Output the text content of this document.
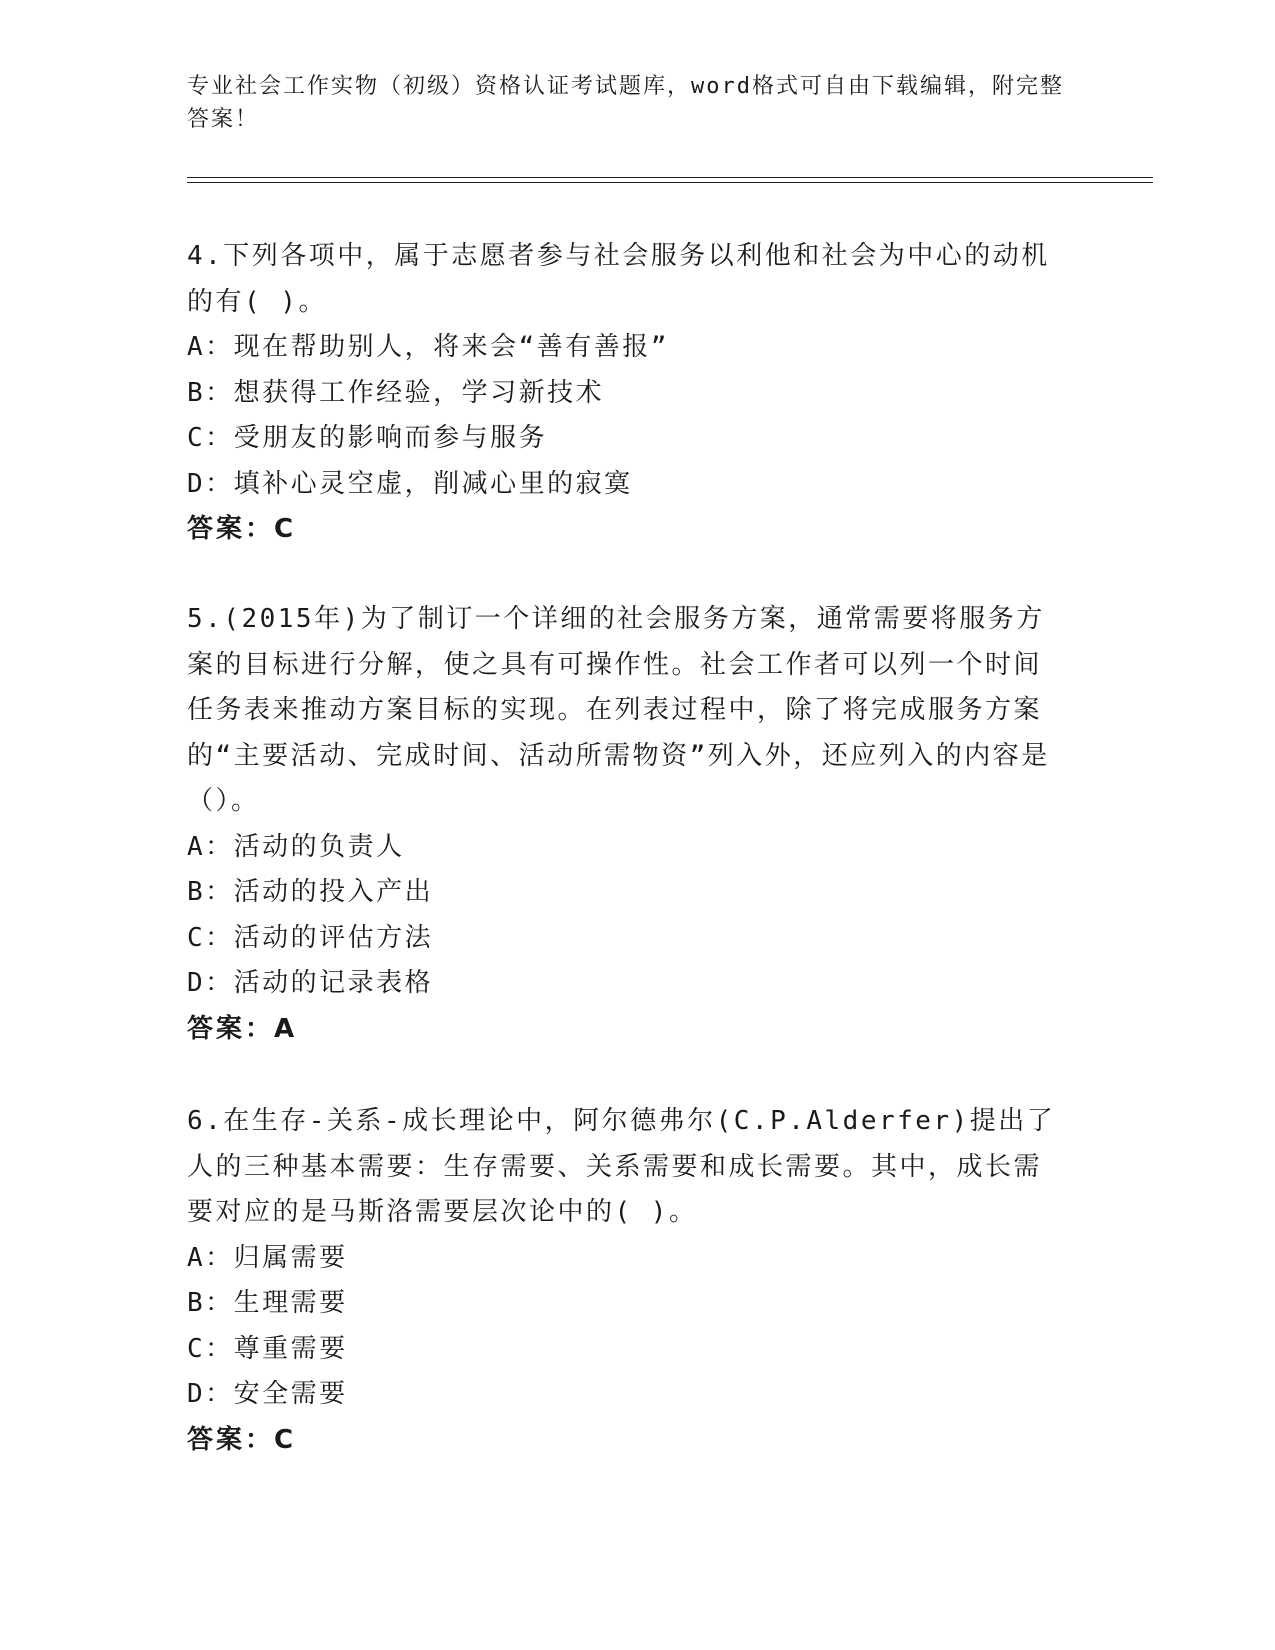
专业社会工作实物（初级）资格认证考试题库，word格式可自由下载编辑，附完整答案！
4.下列各项中，属于志愿者参与社会服务以利他和社会为中心的动机的有( )。
A：现在帮助别人，将来会“善有善报”
B：想获得工作经验，学习新技术
C：受朋友的影响而参与服务
D：填补心灵空虚，削减心里的寂寞
答案：C
5.(2015年)为了制订一个详细的社会服务方案，通常需要将服务方案的目标进行分解，使之具有可操作性。社会工作者可以列一个时间任务表来推动方案目标的实现。在列表过程中，除了将完成服务方案的“主要活动、完成时间、活动所需物资”列入外，还应列入的内容是（）。
A：活动的负责人
B：活动的投入产出
C：活动的评估方法
D：活动的记录表格
答案：A
6.在生存-关系-成长理论中，阿尔德弗尔(C.P.Alderfer)提出了人的三种基本需要：生存需要、关系需要和成长需要。其中，成长需要对应的是马斯洛需要层次论中的( )。
A：归属需要
B：生理需要
C：尊重需要
D：安全需要
答案：C
